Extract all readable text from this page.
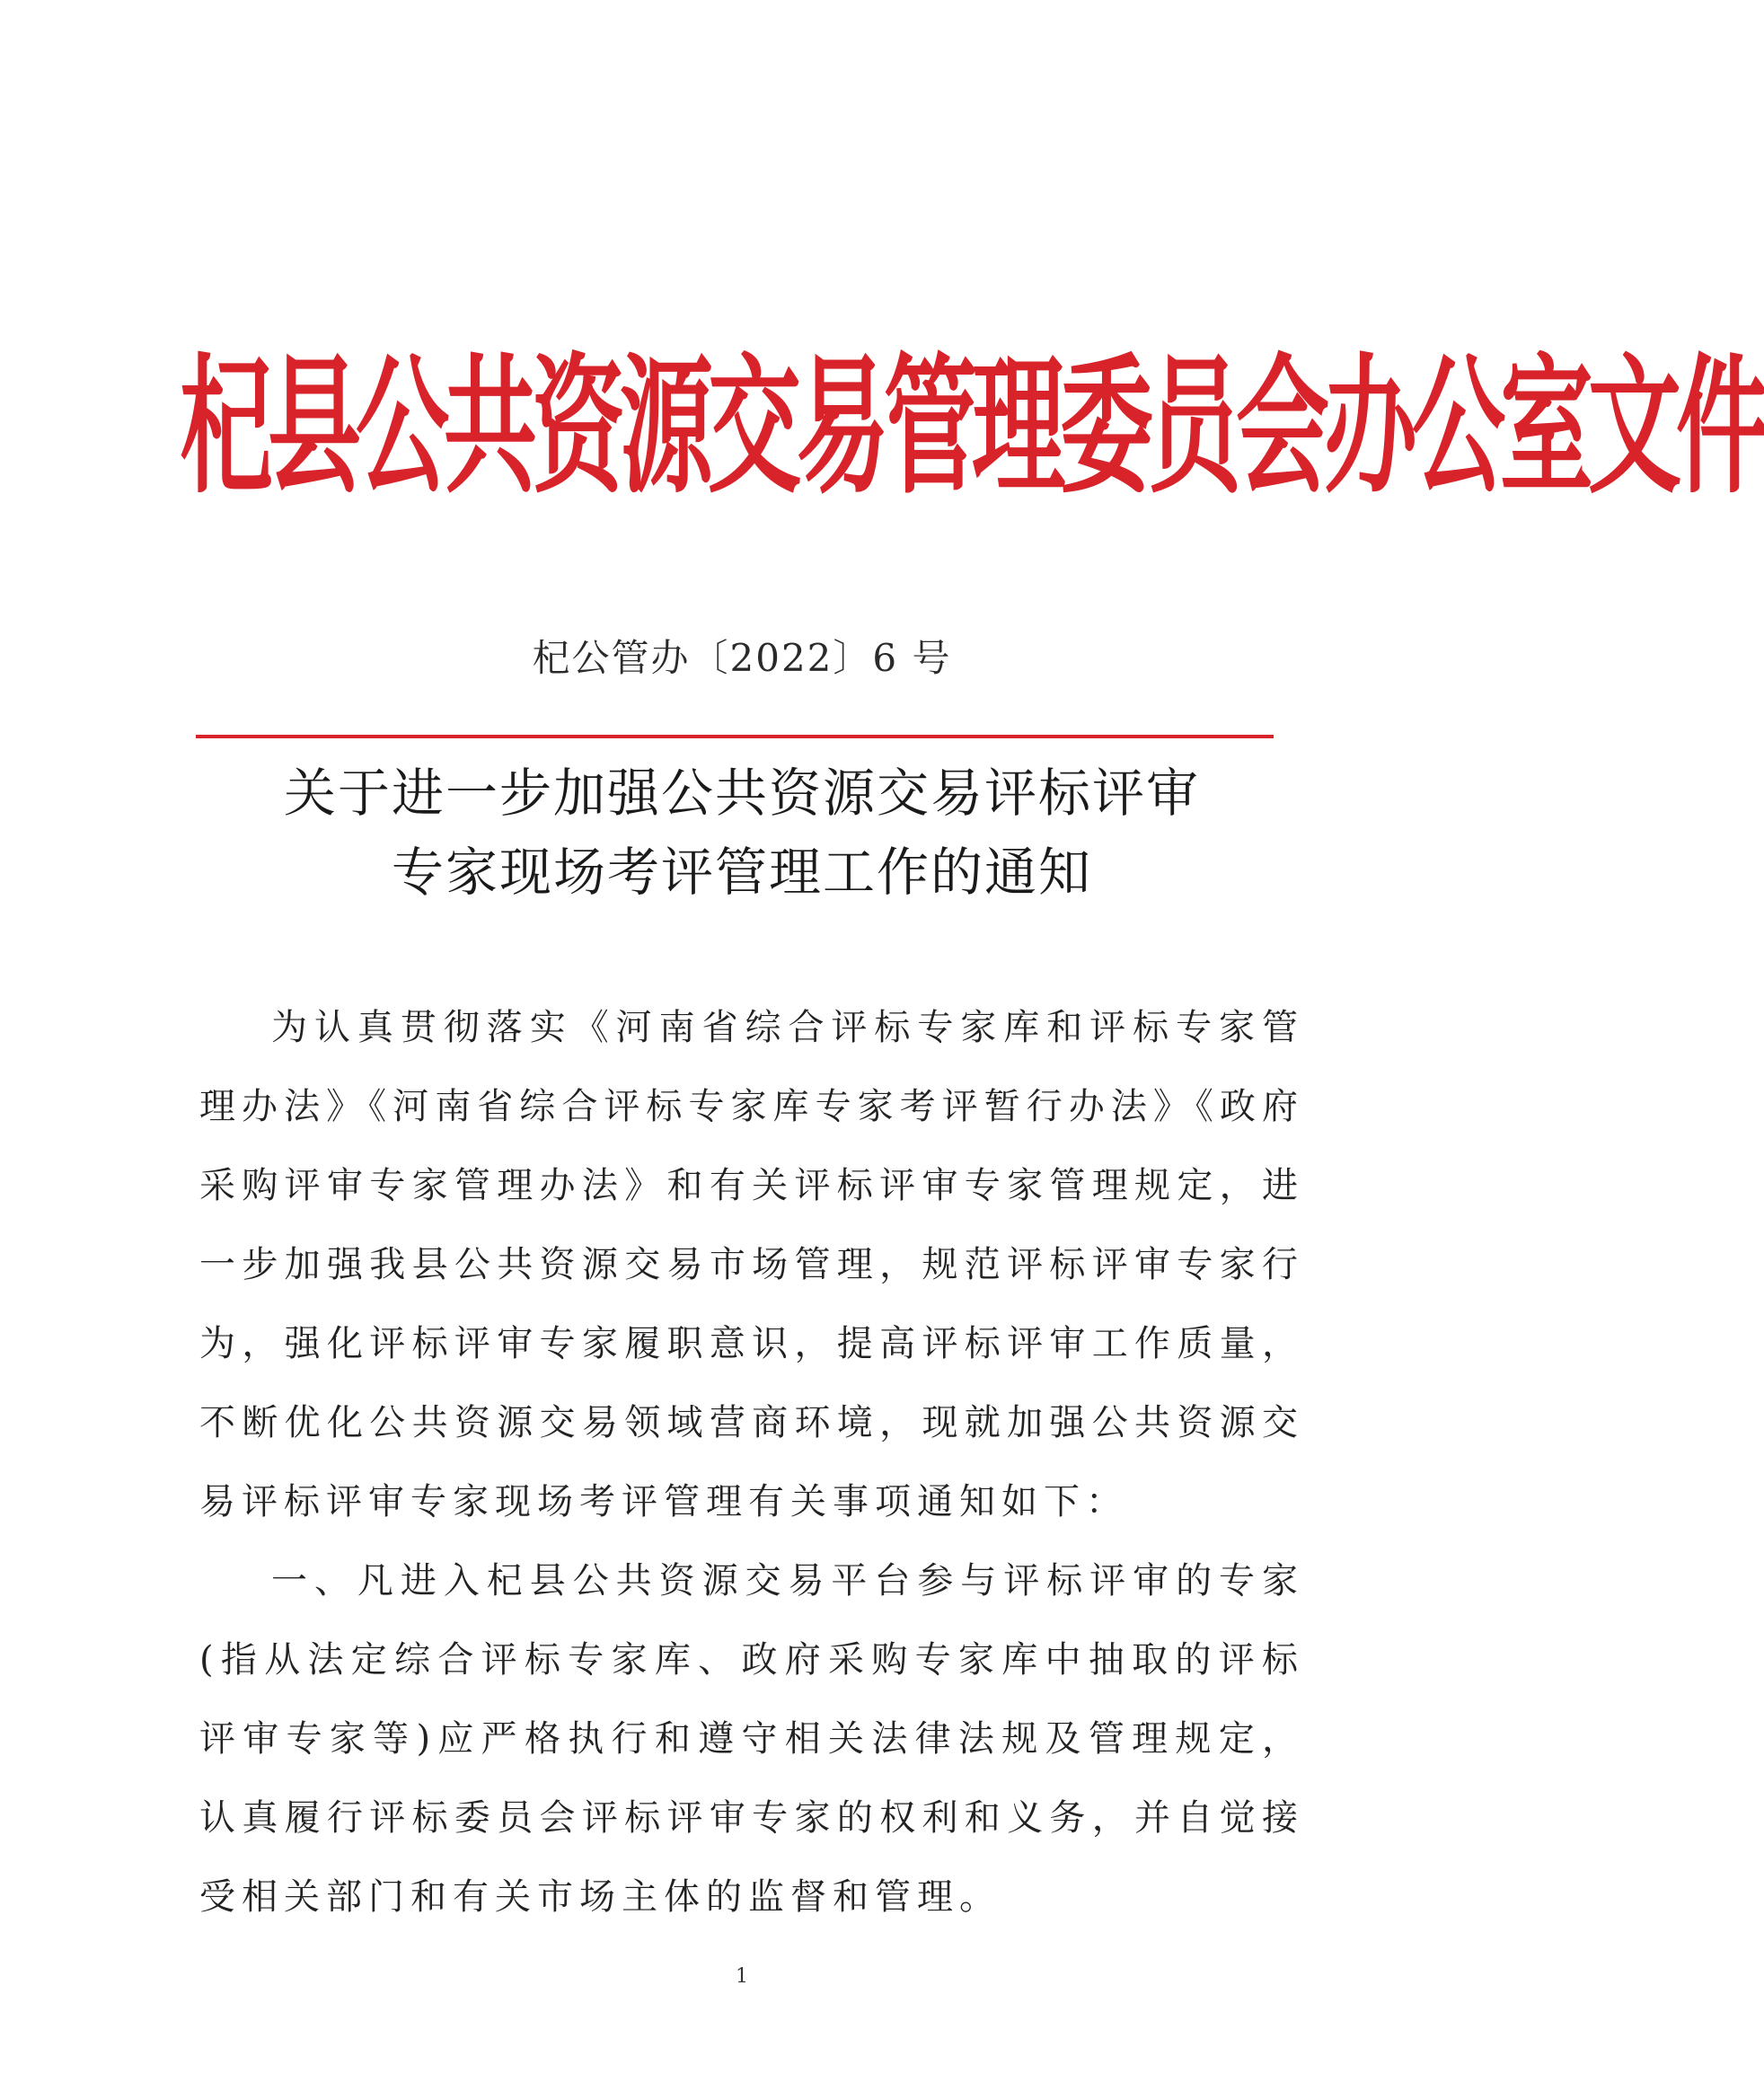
杞县公共资源交易管理委员会办公室文件
杞公管办〔2022〕6 号
关于进一步加强公共资源交易评标评审
专家现场考评管理工作的通知

为认真贯彻落实《河南省综合评标专家库和评标专家管理办法》《河南省综合评标专家库专家考评暂行办法》《政府采购评审专家管理办法》和有关评标评审专家管理规定，进一步加强我县公共资源交易市场管理，规范评标评审专家行为，强化评标评审专家履职意识，提高评标评审工作质量，不断优化公共资源交易领域营商环境，现就加强公共资源交易评标评审专家现场考评管理有关事项通知如下：

一、凡进入杞县公共资源交易平台参与评标评审的专家(指从法定综合评标专家库、政府采购专家库中抽取的评标评审专家等)应严格执行和遵守相关法律法规及管理规定，认真履行评标委员会评标评审专家的权利和义务，并自觉接受相关部门和有关市场主体的监督和管理。

1
